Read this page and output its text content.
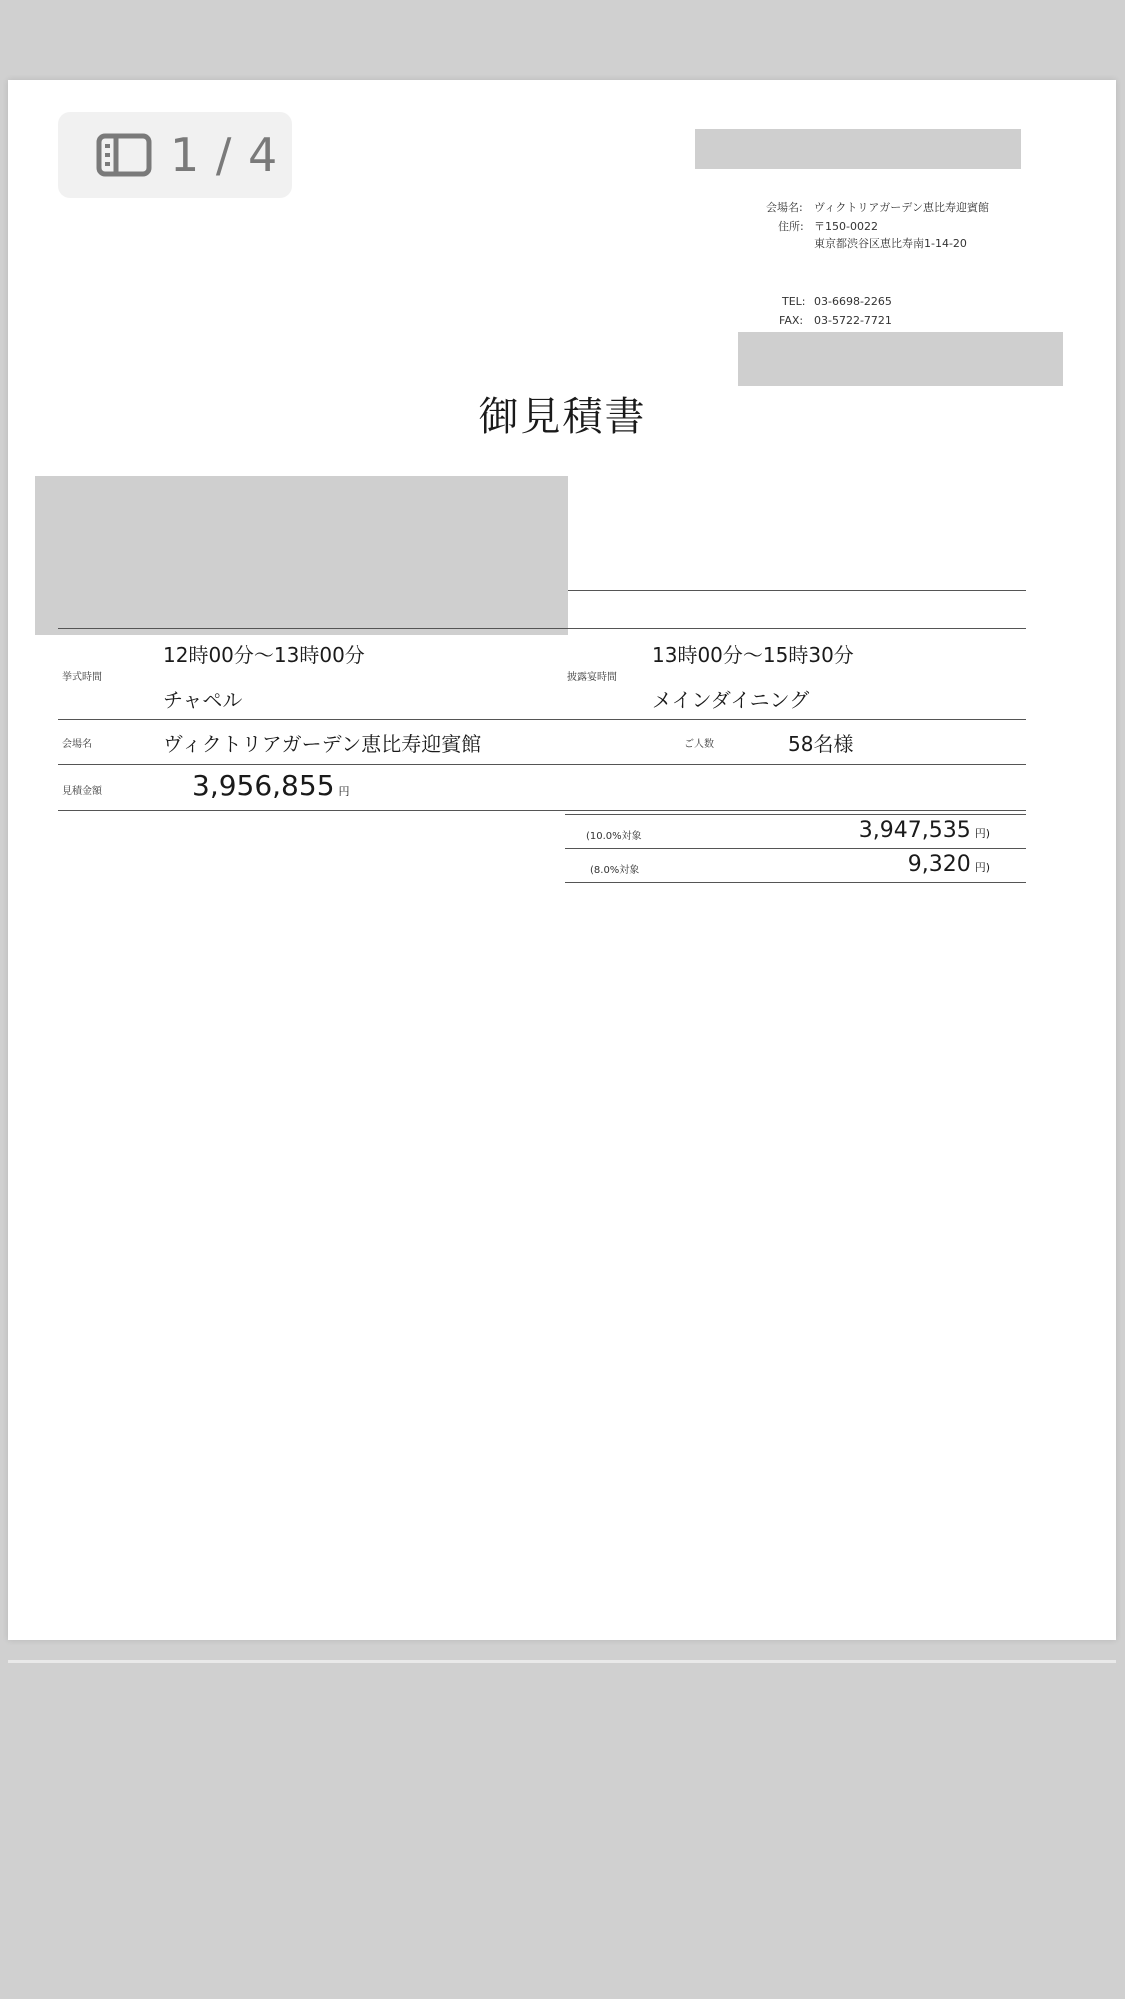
1 / 4
会場名: ヴィクトリアガーデン恵比寿迎賓館
住所: 〒150-0022
東京都渋谷区恵比寿南1-14-20
TEL: 03-6698-2265
FAX: 03-5722-7721
御見積書
挙式時間
12時00分〜13時00分
チャペル
披露宴時間
13時00分〜15時30分
メインダイニング
会場名	ヴィクトリアガーデン恵比寿迎賓館	ご人数	58名様
見積金額	3,956,855 円
(10.0%対象	3,947,535 円)
(8.0%対象	9,320 円)
